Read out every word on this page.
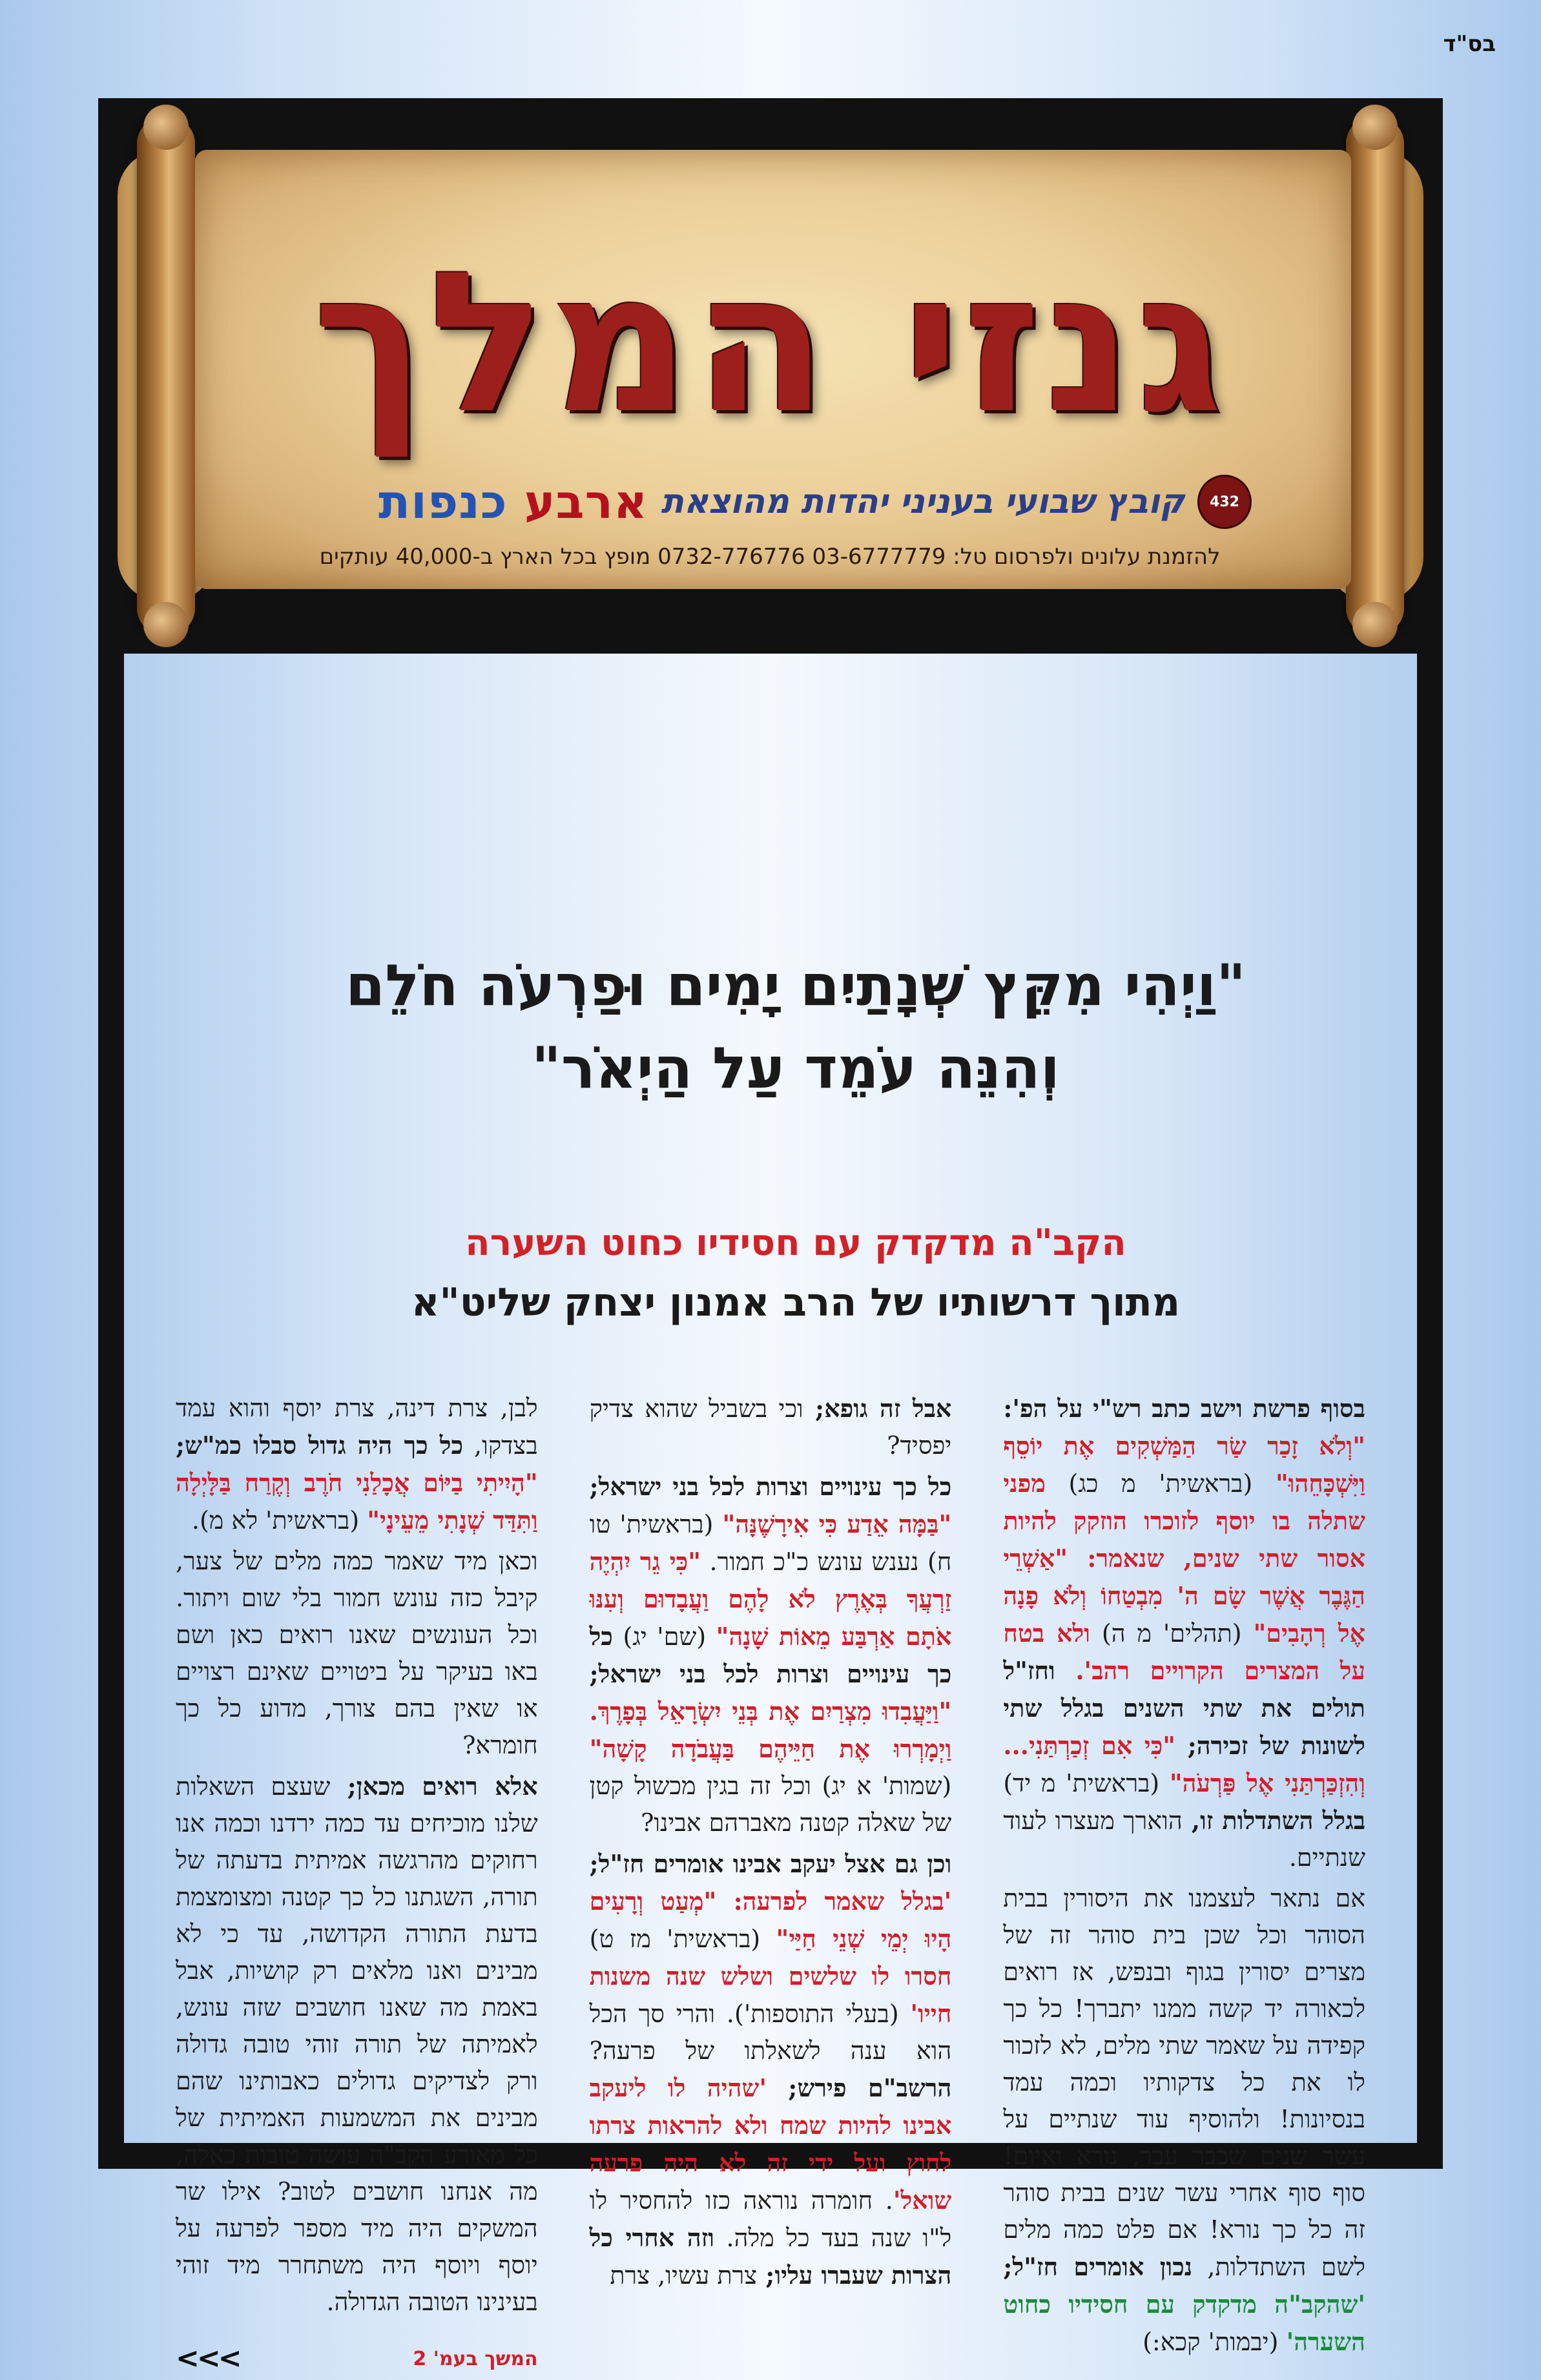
בס"ד
גנזי המלך
432
קובץ שבועי בעניני יהדות מהוצאת
ארבע כנפות
להזמנת עלונים ולפרסום טל: 03-6777779 0732-776776 מופץ בכל הארץ ב-40,000 עותקים
"וַיְהִי מִקֵּץ שְׁנָתַיִם יָמִים וּפַרְעֹה חֹלֵם
וְהִנֵּה עֹמֵד עַל הַיְאֹר"
הקב"ה מדקדק עם חסידיו כחוט השערה
מתוך דרשותיו של הרב אמנון יצחק שליט"א

בסוף פרשת וישב כתב רש"י על הפ': "וְלֹא זָכַר שַׂר הַמַּשְׁקִים אֶת יוֹסֵף וַיִּשְׁכָּחֵהוּ" (בראשית' מ כג) מפני שתלה בו יוסף לזוכרו הוזקק להיות אסור שתי שנים, שנאמר: "אַשְׁרֵי הַגֶּבֶר אֲשֶׁר שָׂם ה' מִבְטַחוֹ וְלֹא פָנָה אֶל רְהָבִים" (תהלים' מ ה) ולא בטח על המצרים הקרויים רהב'. וחז"ל תולים את שתי השנים בגלל שתי לשונות של זכירה; "כִּי אִם זְכַרְתַּנִי... וְהִזְכַּרְתַּנִי אֶל פַּרְעֹה" (בראשית' מ יד) בגלל השתדלות זו, הוארך מעצרו לעוד שנתיים.

אם נתאר לעצמנו את היסורין בבית הסוהר וכל שכן בית סוהר זה של מצרים יסורין בגוף ובנפש, אז רואים לכאורה יד קשה ממנו יתברך! כל כך קפידה על שאמר שתי מלים, לא לזכור לו את כל צדקותיו וכמה עמד בנסיונות! ולהוסיף עוד שנתיים על עשר שנים שכבר עבר, נורא ואיום! סוף סוף אחרי עשר שנים בבית סוהר זה כל כך נורא! אם פלט כמה מלים לשם השתדלות, נכון אומרים חז"ל; 'שהקב"ה מדקדק עם חסידיו כחוט השערה' (יבמות' קכא:)

אבל זה גופא; וכי בשביל שהוא צדיק יפסיד?

כל כך עינויים וצרות לכל בני ישראל; "בַּמָּה אֵדַע כִּי אִירָשֶׁנָּה" (בראשית' טו ח) נענש עונש כ"כ חמור. "כִּי גֵר יִהְיֶה זַרְעֲךָ בְּאֶרֶץ לֹא לָהֶם וַעֲבָדוּם וְעִנּוּ אֹתָם אַרְבַּע מֵאוֹת שָׁנָה" (שם' יג) כל כך עינויים וצרות לכל בני ישראל; "וַיַּעֲבִדוּ מִצְרַיִם אֶת בְּנֵי יִשְׂרָאֵל בְּפָרֶךְ. וַיְמָרְרוּ אֶת חַיֵּיהֶם בַּעֲבֹדָה קָשָׁה" (שמות' א יג) וכל זה בגין מכשול קטן של שאלה קטנה מאברהם אבינו?

וכן גם אצל יעקב אבינו אומרים חז"ל; 'בגלל שאמר לפרעה: "מְעַט וְרָעִים הָיוּ יְמֵי שְׁנֵי חַיַּי" (בראשית' מז ט) חסרו לו שלשים ושלש שנה משנות חייו' (בעלי התוספות'). והרי סך הכל הוא ענה לשאלתו של פרעה? הרשב"ם פירש; 'שהיה לו ליעקב אבינו להיות שמח ולא להראות צרתו לחוץ ועל ידי זה לא היה פרעה שואל'. חומרה נוראה כזו להחסיר לו ל"ו שנה בעד כל מלה. וזה אחרי כל הצרות שעברו עליו; צרת עשיו, צרת

לבן, צרת דינה, צרת יוסף והוא עמד בצדקו, כל כך היה גדול סבלו כמ"ש; "הָיִיתִי בַיּוֹם אֲכָלַנִי חֹרֶב וְקֶרַח בַּלָּיְלָה וַתִּדַּד שְׁנָתִי מֵעֵינָי" (בראשית' לא מ).

וכאן מיד שאמר כמה מלים של צער, קיבל כזה עונש חמור בלי שום ויתור. וכל העונשים שאנו רואים כאן ושם באו בעיקר על ביטויים שאינם רצויים או שאין בהם צורך, מדוע כל כך חומרא?

אלא רואים מכאן; שעצם השאלות שלנו מוכיחים עד כמה ירדנו וכמה אנו רחוקים מהרגשה אמיתית בדעתה של תורה, השגתנו כל כך קטנה ומצומצמת בדעת התורה הקדושה, עד כי לא מבינים ואנו מלאים רק קושיות, אבל באמת מה שאנו חושבים שזה עונש, לאמיתה של תורה זוהי טובה גדולה ורק לצדיקים גדולים כאבותינו שהם מבינים את המשמעות האמיתית של כל מאורע הקב"ה עושה טובות כאלה, מה אנחנו חושבים לטוב? אילו שר המשקים היה מיד מספר לפרעה על יוסף ויוסף היה משתחרר מיד זוהי בעינינו הטובה הגדולה.

המשך בעמ' 2
<<<
